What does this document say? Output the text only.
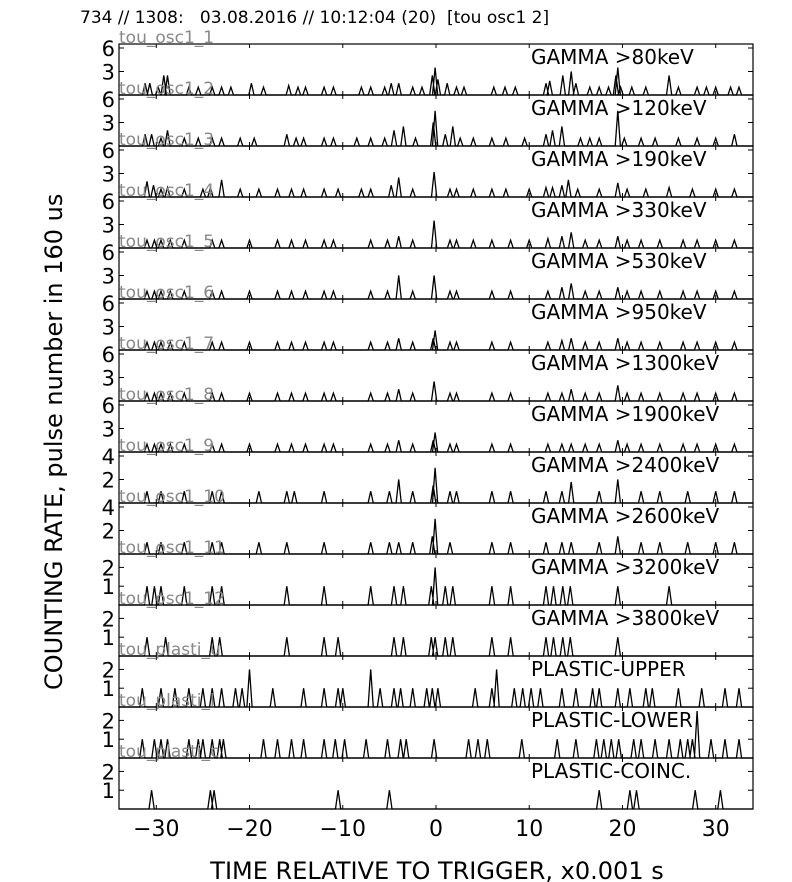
734 // 1308:   03.08.2016 // 10:12:04 (20)  [tou osc1 2]
COUNTING RATE, pulse number in 160 us
3
6 tou_osc1_1
GAMMA >80keV
3
6 tou_osc1_2
GAMMA >120keV
3
6 tou_osc1_3
GAMMA >190keV
3
6 tou_osc1_4
GAMMA >330keV
3
6 tou_osc1_5
GAMMA >530keV
3
6 tou_osc1_6
GAMMA >950keV
3
6 tou_osc1_7
GAMMA >1300keV
3
6 tou_osc1_8
GAMMA >1900keV
2
4 tou_osc1_9
GAMMA >2400keV
2
4 tou_osc1_10
GAMMA >2600keV
1
2
tou_osc1_11
GAMMA >3200keV
1
2
tou_osc1_12
GAMMA >3800keV
1
2
tou_plasti_u
PLASTIC-UPPER
1
2
tou_plasti_l
PLASTIC-LOWER
1
2
tou_plasti_c
PLASTIC-COINC.
−30 −20 −10	0	10	20	30
TIME RELATIVE TO TRIGGER, x0.001 s
